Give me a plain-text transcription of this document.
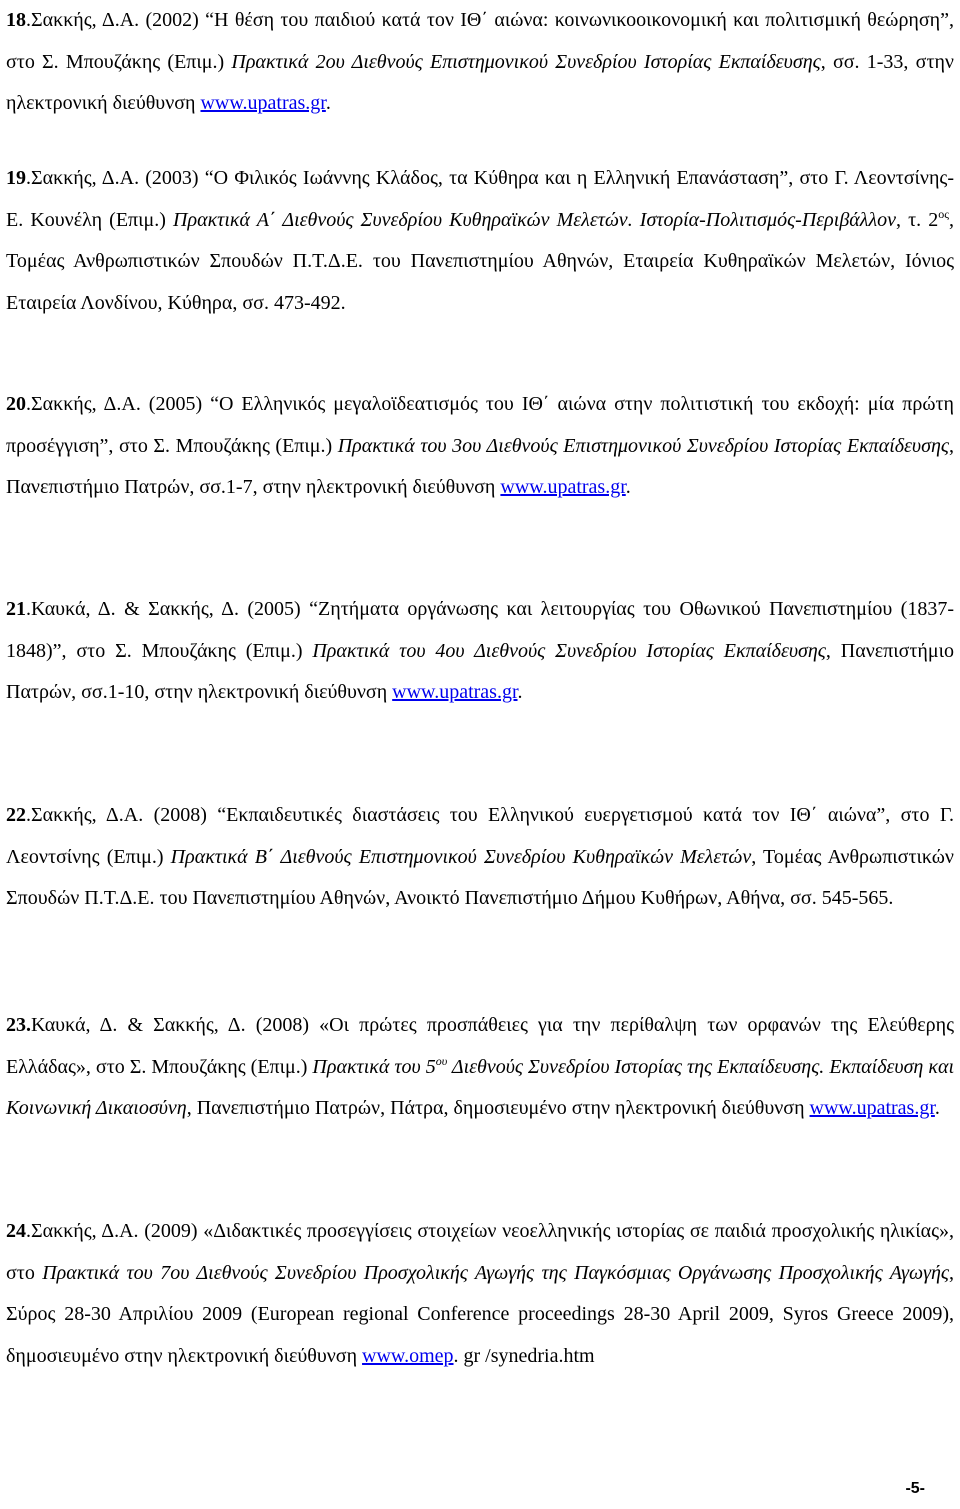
18.Σακκής, Δ.Α. (2002) “Η θέση του παιδιού κατά τον ΙΘ΄ αιώνα: κοινωνικοοικονομική και πολιτισμική θεώρηση”, στο Σ. Μπουζάκης (Επιμ.) Πρακτικά 2ου Διεθνούς Επιστημονικού Συνεδρίου Ιστορίας Εκπαίδευσης, σσ. 1-33, στην ηλεκτρονική διεύθυνση www.upatras.gr.

19.Σακκής, Δ.Α. (2003) “Ο Φιλικός Ιωάννης Κλάδος, τα Κύθηρα και η Ελληνική Επανάσταση”, στο Γ. Λεοντσίνης- Ε. Κουνέλη (Επιμ.) Πρακτικά Α΄ Διεθνούς Συνεδρίου Κυθηραϊκών Μελετών. Ιστορία-Πολιτισμός-Περιβάλλον, τ. $2^{o\varsigma}$, Τομέας Ανθρωπιστικών Σπουδών Π.Τ.Δ.Ε. του Πανεπιστημίου Αθηνών, Εταιρεία Κυθηραϊκών Μελετών, Ιόνιος Εταιρεία Λονδίνου, Κύθηρα, σσ. 473-492.

20.Σακκής, Δ.Α. (2005) “Ο Ελληνικός μεγαλοϊδεατισμός του ΙΘ΄ αιώνα στην πολιτιστική του εκδοχή: μία πρώτη προσέγγιση”, στο Σ. Μπουζάκης (Επιμ.) Πρακτικά του 3ου Διεθνούς Επιστημονικού Συνεδρίου Ιστορίας Εκπαίδευσης, Πανεπιστήμιο Πατρών, σσ.1-7, στην ηλεκτρονική διεύθυνση www.upatras.gr.

21.Καυκά, Δ. & Σακκής, Δ. (2005) “Ζητήματα οργάνωσης και λειτουργίας του Οθωνικού Πανεπιστημίου (1837-1848)”, στο Σ. Μπουζάκης (Επιμ.) Πρακτικά του 4ου Διεθνούς Συνεδρίου Ιστορίας Εκπαίδευσης, Πανεπιστήμιο Πατρών, σσ.1-10, στην ηλεκτρονική διεύθυνση www.upatras.gr.

22.Σακκής, Δ.Α. (2008) “Εκπαιδευτικές διαστάσεις του Ελληνικού ευεργετισμού κατά τον ΙΘ΄ αιώνα”, στο Γ. Λεοντσίνης (Επιμ.) Πρακτικά Β΄ Διεθνούς Επιστημονικού Συνεδρίου Κυθηραϊκών Μελετών, Τομέας Ανθρωπιστικών Σπουδών Π.Τ.Δ.Ε. του Πανεπιστημίου Αθηνών, Ανοικτό Πανεπιστήμιο Δήμου Κυθήρων, Αθήνα, σσ. 545-565.

23.Καυκά, Δ. & Σακκής, Δ. (2008) «Οι πρώτες προσπάθειες για την περίθαλψη των ορφανών της Ελεύθερης Ελλάδας», στο Σ. Μπουζάκης (Επιμ.) Πρακτικά του $5^{o\upsilon}$ Διεθνούς Συνεδρίου Ιστορίας της Εκπαίδευσης. Εκπαίδευση και Κοινωνική Δικαιοσύνη, Πανεπιστήμιο Πατρών, Πάτρα, δημοσιευμένο στην ηλεκτρονική διεύθυνση www.upatras.gr.

24.Σακκής, Δ.Α. (2009) «Διδακτικές προσεγγίσεις στοιχείων νεοελληνικής ιστορίας σε παιδιά προσχολικής ηλικίας», στο Πρακτικά του 7ου Διεθνούς Συνεδρίου Προσχολικής Αγωγής της Παγκόσμιας Οργάνωσης Προσχολικής Αγωγής, Σύρος 28-30 Απριλίου 2009 (European regional Conference proceedings 28-30 April 2009, Syros Greece 2009), δημοσιευμένο στην ηλεκτρονική διεύθυνση www.omep. gr /synedria.htm

-5-
